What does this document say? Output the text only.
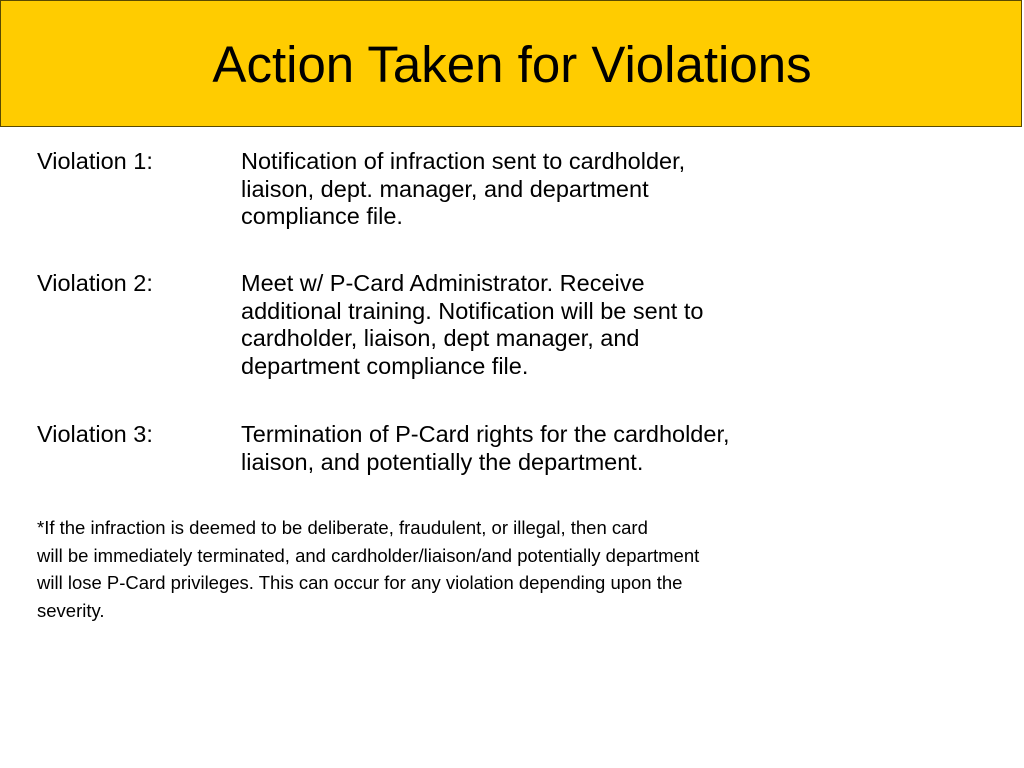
Action Taken for Violations
Violation 1:	Notification of infraction sent to cardholder,
liaison, dept. manager, and department
compliance file.
Violation 2:	Meet w/ P-Card Administrator. Receive
additional training. Notification will be sent to
cardholder, liaison, dept manager, and
department compliance file.
Violation 3:	Termination of P-Card rights for the cardholder,
liaison, and potentially the department.
*If the infraction is deemed to be deliberate, fraudulent, or illegal, then card
will be immediately terminated, and cardholder/liaison/and potentially department
will lose P-Card privileges. This can occur for any violation depending upon the
severity.
